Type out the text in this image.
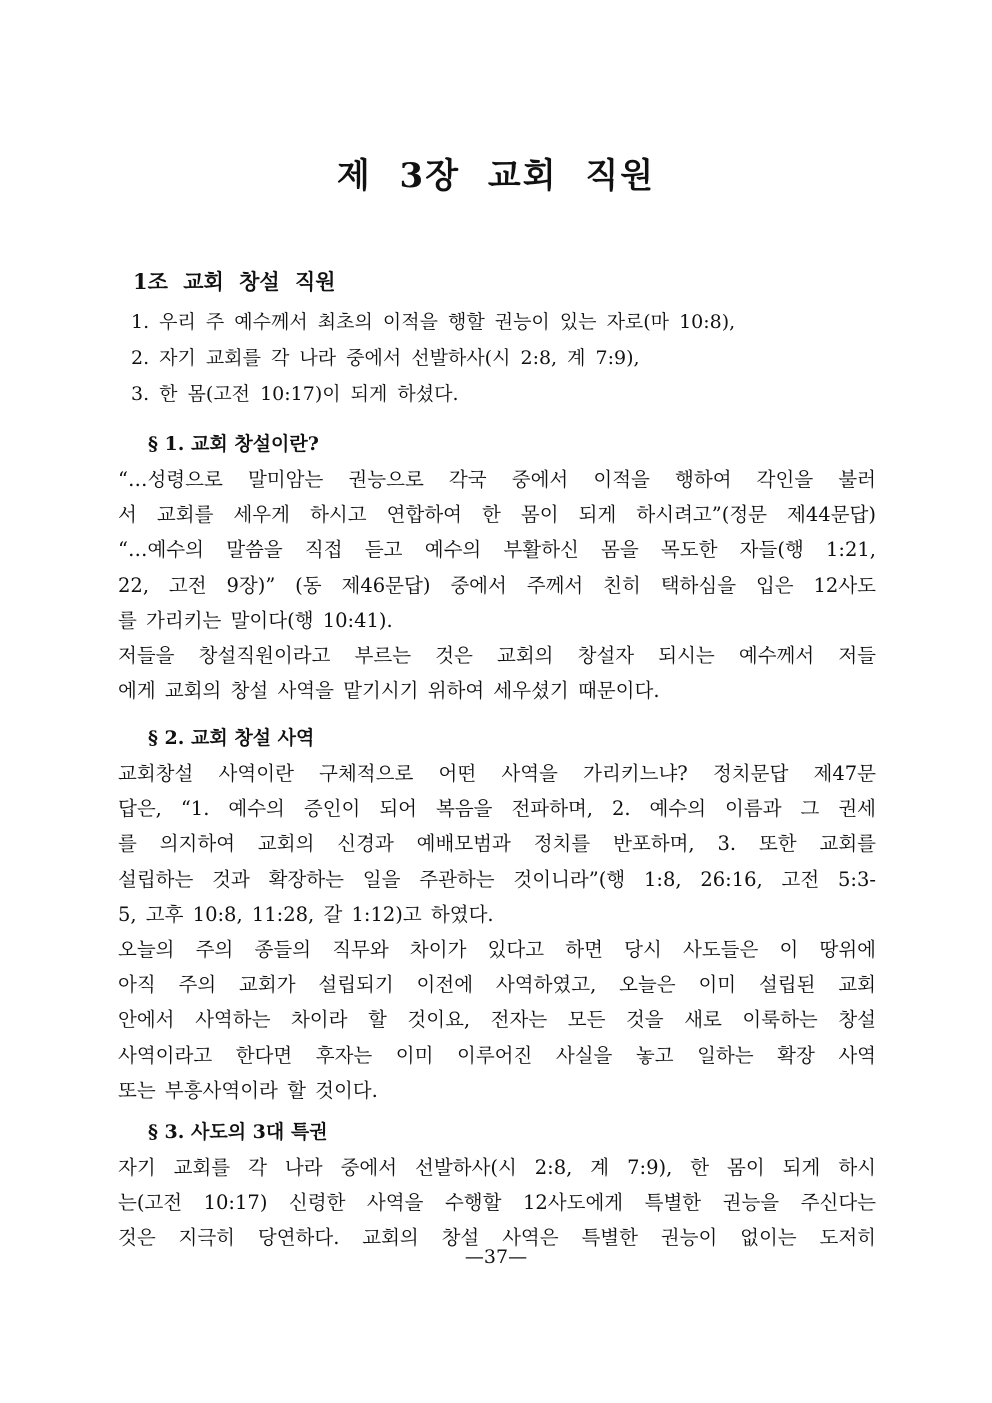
제 3장 교회 직원
1조 교회 창설 직원
1. 우리 주 예수께서 최초의 이적을 행할 권능이 있는 자로(마 10:8),
2. 자기 교회를 각 나라 중에서 선발하사(시 2:8, 계 7:9),
3. 한 몸(고전 10:17)이 되게 하셨다.
§ 1. 교회 창설이란?
“…성령으로 말미암는 권능으로 각국 중에서 이적을 행하여 각인을 불러
서 교회를 세우게 하시고 연합하여 한 몸이 되게 하시려고”(정문 제44문답)
“…예수의 말씀을 직접 듣고 예수의 부활하신 몸을 목도한 자들(행 1:21,
22, 고전 9장)” (동 제46문답) 중에서 주께서 친히 택하심을 입은 12사도
를 가리키는 말이다(행 10:41).
저들을 창설직원이라고 부르는 것은 교회의 창설자 되시는 예수께서 저들
에게 교회의 창설 사역을 맡기시기 위하여 세우셨기 때문이다.
§ 2. 교회 창설 사역
교회창설 사역이란 구체적으로 어떤 사역을 가리키느냐? 정치문답 제47문
답은, “1. 예수의 증인이 되어 복음을 전파하며, 2. 예수의 이름과 그 권세
를 의지하여 교회의 신경과 예배모범과 정치를 반포하며, 3. 또한 교회를
설립하는 것과 확장하는 일을 주관하는 것이니라”(행 1:8, 26:16, 고전 5:3-
5, 고후 10:8, 11:28, 갈 1:12)고 하였다.
오늘의 주의 종들의 직무와 차이가 있다고 하면 당시 사도들은 이 땅위에
아직 주의 교회가 설립되기 이전에 사역하였고, 오늘은 이미 설립된 교회
안에서 사역하는 차이라 할 것이요, 전자는 모든 것을 새로 이룩하는 창설
사역이라고 한다면 후자는 이미 이루어진 사실을 놓고 일하는 확장 사역
또는 부흥사역이라 할 것이다.
§ 3. 사도의 3대 특권
자기 교회를 각 나라 중에서 선발하사(시 2:8, 계 7:9), 한 몸이 되게 하시
는(고전 10:17) 신령한 사역을 수행할 12사도에게 특별한 권능을 주신다는
것은 지극히 당연하다. 교회의 창설 사역은 특별한 권능이 없이는 도저히
—37—
